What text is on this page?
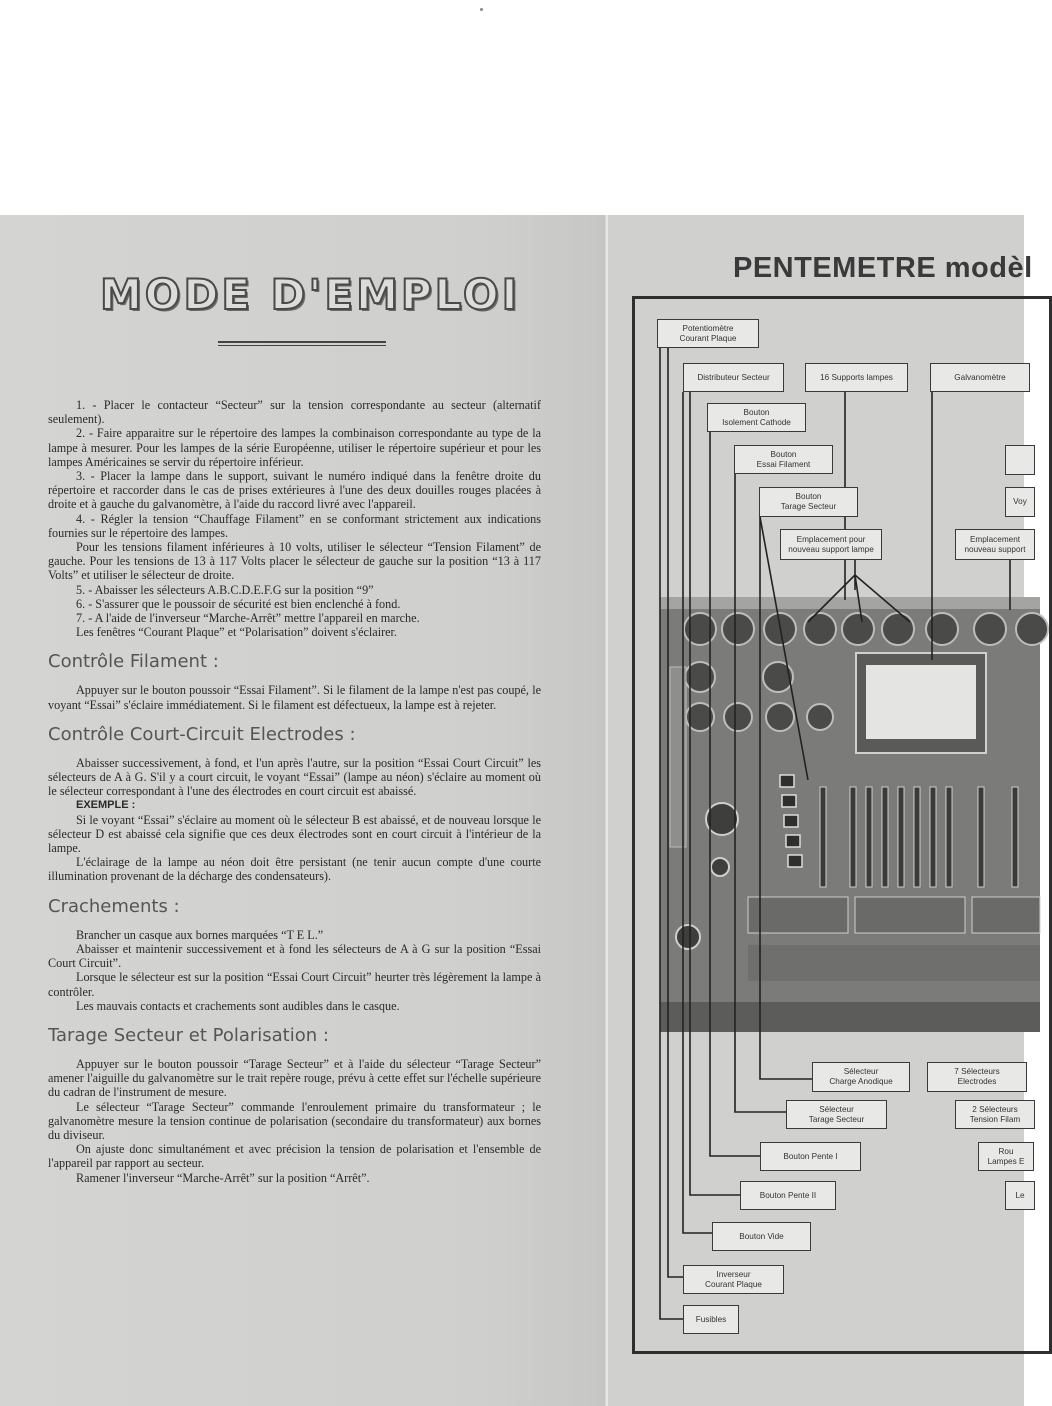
MODE D'EMPLOI

1. - Placer le contacteur “Secteur” sur la tension correspondante au secteur (alternatif seulement).

2. - Faire apparaitre sur le répertoire des lampes la combinaison correspondante au type de la lampe à mesurer. Pour les lampes de la série Européenne, utiliser le répertoire supérieur et pour les lampes Américaines se servir du répertoire inférieur.

3. - Placer la lampe dans le support, suivant le numéro indiqué dans la fenêtre droite du répertoire et raccorder dans le cas de prises extérieures à l'une des deux douilles rouges placées à droite et à gauche du galvanomètre, à l'aide du raccord livré avec l'appareil.

4. - Régler la tension “Chauffage Filament” en se conformant strictement aux indications fournies sur le répertoire des lampes.

Pour les tensions filament inférieures à 10 volts, utiliser le sélecteur “Tension Filament” de gauche. Pour les tensions de 13 à 117 Volts placer le sélecteur de gauche sur la position “13 à 117 Volts” et utiliser le sélecteur de droite.

5. - Abaisser les sélecteurs A.B.C.D.E.F.G sur la position “9”

6. - S'assurer que le poussoir de sécurité est bien enclenché à fond.

7. - A l'aide de l'inverseur “Marche-Arrêt” mettre l'appareil en marche.

Les fenêtres “Courant Plaque” et “Polarisation” doivent s'éclairer.

Contrôle Filament :

Appuyer sur le bouton poussoir “Essai Filament”. Si le filament de la lampe n'est pas coupé, le voyant “Essai” s'éclaire immédiatement. Si le filament est défectueux, la lampe est à rejeter.

Contrôle Court-Circuit Electrodes :

Abaisser successivement, à fond, et l'un après l'autre, sur la position “Essai Court Circuit” les sélecteurs de A à G. S'il y a court circuit, le voyant “Essai” (lampe au néon) s'éclaire au moment où le sélecteur correspondant à l'une des électrodes en court circuit est abaissé.

EXEMPLE :

Si le voyant “Essai” s'éclaire au moment où le sélecteur B est abaissé, et de nouveau lorsque le sélecteur D est abaissé cela signifie que ces deux électrodes sont en court circuit à l'intérieur de la lampe.

L'éclairage de la lampe au néon doit être persistant (ne tenir aucun compte d'une courte illumination provenant de la décharge des condensateurs).

Crachements :

Brancher un casque aux bornes marquées “T E L.”

Abaisser et maintenir successivement et à fond les sélecteurs de A à G sur la position “Essai Court Circuit”.

Lorsque le sélecteur est sur la position “Essai Court Circuit” heurter très légèrement la lampe à contrôler.

Les mauvais contacts et crachements sont audibles dans le casque.

Tarage Secteur et Polarisation :

Appuyer sur le bouton poussoir “Tarage Secteur” et à l'aide du sélecteur “Tarage Secteur” amener l'aiguille du galvanomètre sur le trait repère rouge, prévu à cette effet sur l'échelle supérieure du cadran de l'instrument de mesure.

Le sélecteur “Tarage Secteur” commande l'enroulement primaire du transformateur ; le galvanomètre mesure la tension continue de polarisation (secondaire du transformateur) aux bornes du diviseur.

On ajuste donc simultanément et avec précision la tension de polarisation et l'ensemble de l'appareil par rapport au secteur.

Ramener l'inverseur “Marche-Arrêt” sur la position “Arrêt”.

PENTEMETRE modèl
Potentiomètre
Courant Plaque
Distributeur Secteur	16 Supports lampes	Galvanomètre
Bouton
Isolement Cathode
Bouton
Essai Filament
Bouton
Tarage Secteur
Emplacement pour
nouveau support lampe
Voy
Emplacement
nouveau support
Sélecteur
Charge Anodique
7 Sélecteurs
Electrodes
Sélecteur
Tarage Secteur
2 Sélecteurs
Tension Filam
Bouton Pente I
Rou
Lampes E
Bouton Pente II	Le
Bouton Vide
Inverseur
Courant Plaque
Fusibles
